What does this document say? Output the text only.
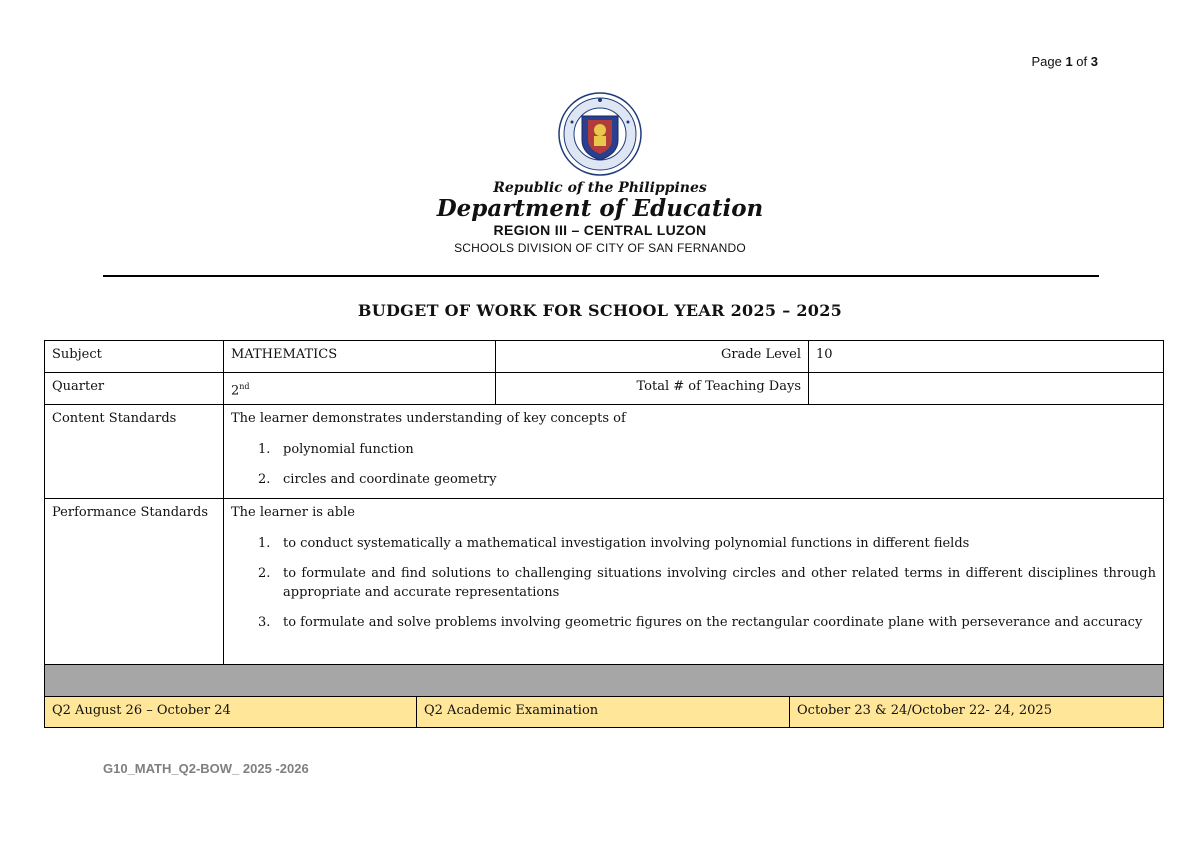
Page 1 of 3
Republic of the Philippines
Department of Education
REGION III – CENTRAL LUZON
SCHOOLS DIVISION OF CITY OF SAN FERNANDO
BUDGET OF WORK FOR SCHOOL YEAR 2025 – 2025
Subject	MATHEMATICS	Grade Level	10
Quarter	2nd	Total # of Teaching Days
Content Standards	The learner demonstrates understanding of key concepts of
1. polynomial function
2. circles and coordinate geometry
Performance Standards	The learner is able
1. to conduct systematically a mathematical investigation involving polynomial functions in different fields
2. to formulate and find solutions to challenging situations involving circles and other related terms in different disciplines through appropriate and accurate representations
3. to formulate and solve problems involving geometric figures on the rectangular coordinate plane with perseverance and accuracy
Q2 August 26 – October 24	Q2 Academic Examination	October 23 & 24/October 22- 24, 2025
G10_MATH_Q2-BOW_ 2025 -2026
